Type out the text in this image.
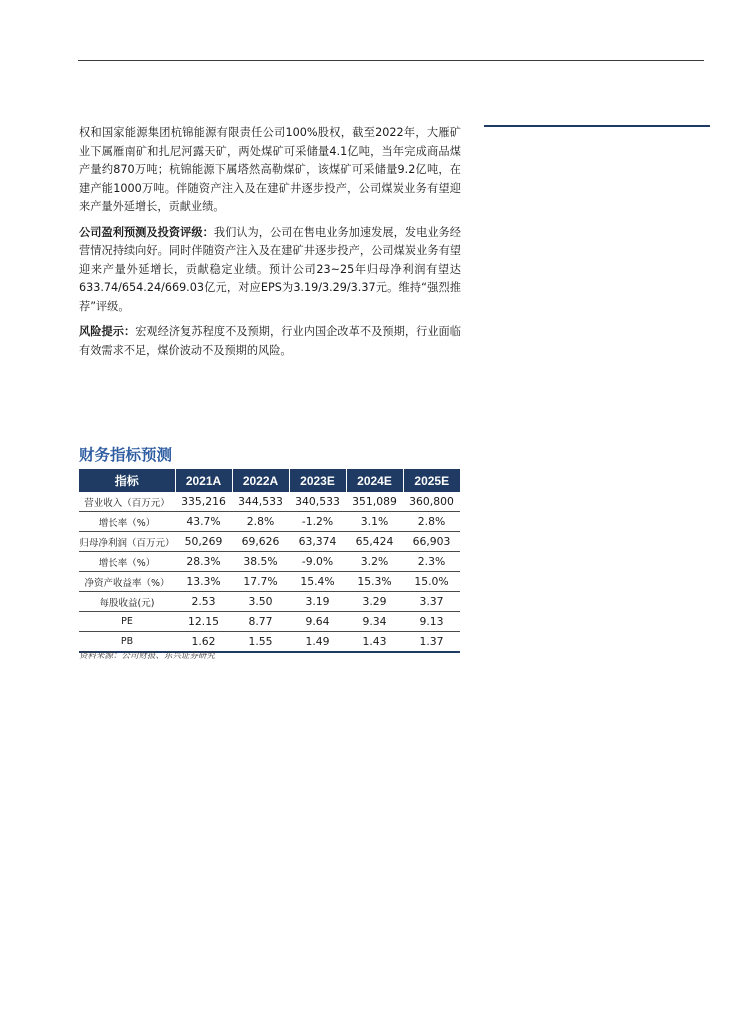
权和国家能源集团杭锦能源有限责任公司100%股权，截至2022年，大雁矿业下属雁南矿和扎尼河露天矿，两处煤矿可采储量4.1亿吨，当年完成商品煤产量约870万吨；杭锦能源下属塔然高勒煤矿，该煤矿可采储量9.2亿吨，在建产能1000万吨。伴随资产注入及在建矿井逐步投产，公司煤炭业务有望迎来产量外延增长，贡献业绩。

公司盈利预测及投资评级：我们认为，公司在售电业务加速发展，发电业务经营情况持续向好。同时伴随资产注入及在建矿井逐步投产，公司煤炭业务有望迎来产量外延增长，贡献稳定业绩。预计公司23~25年归母净利润有望达633.74/654.24/669.03亿元，对应EPS为3.19/3.29/3.37元。维持“强烈推荐”评级。

风险提示：宏观经济复苏程度不及预期，行业内国企改革不及预期，行业面临有效需求不足，煤价波动不及预期的风险。

财务指标预测
指标	2021A	2022A	2023E	2024E	2025E
营业收入（百万元）	335,216	344,533	340,533	351,089	360,800
增长率（%）	43.7%	2.8%	-1.2%	3.1%	2.8%
归母净利润（百万元）	50,269	69,626	63,374	65,424	66,903
增长率（%）	28.3%	38.5%	-9.0%	3.2%	2.3%
净资产收益率（%）	13.3%	17.7%	15.4%	15.3%	15.0%
每股收益(元)	2.53	3.50	3.19	3.29	3.37
PE	12.15	8.77	9.64	9.34	9.13
PB	1.62	1.55	1.49	1.43	1.37
资料来源：公司财报、东兴证券研究
